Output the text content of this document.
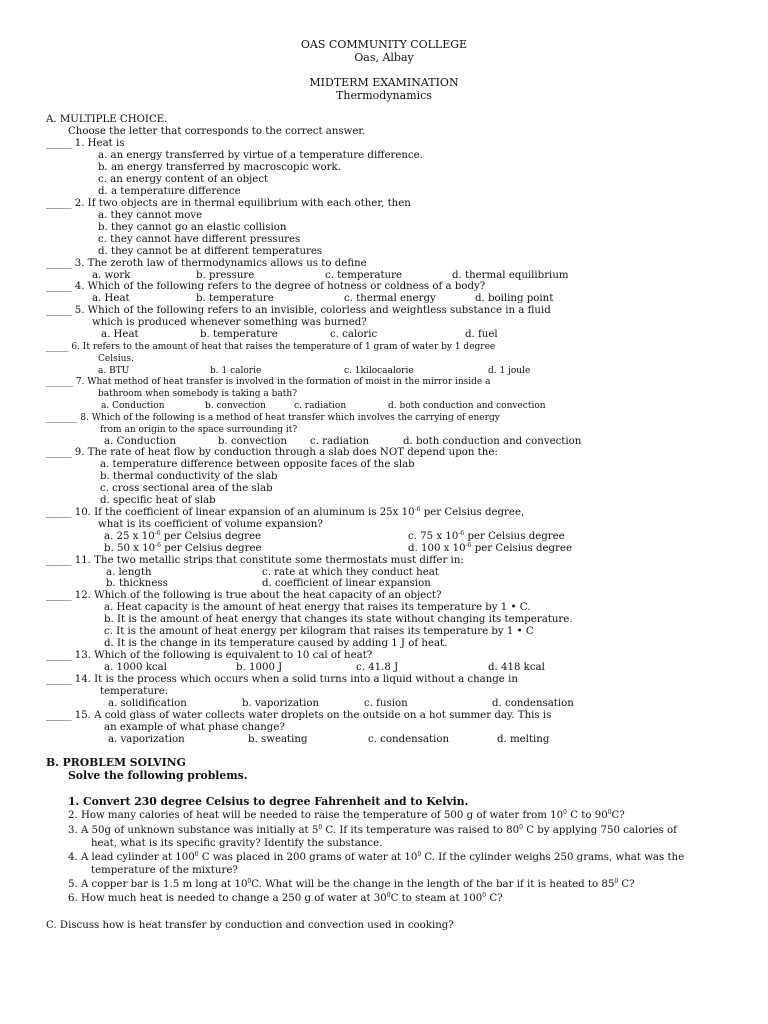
OAS COMMUNITY COLLEGE
Oas, Albay
MIDTERM EXAMINATION
Thermodynamics
A. MULTIPLE CHOICE.
Choose the letter that corresponds to the correct answer.
_____ 1. Heat is
a. an energy transferred by virtue of a temperature difference.
b. an energy transferred by macroscopic work.
c. an energy content of an object
d. a temperature difference
_____ 2. If two objects are in thermal equilibrium with each other, then
a. they cannot move
b. they cannot go an elastic collision
c. they cannot have different pressures
d. they cannot be at different temperatures
_____ 3. The zeroth law of thermodynamics allows us to define
a. work	b. pressure	c. temperature	d. thermal equilibrium
_____ 4. Which of the following refers to the degree of hotness or coldness of a body?
a. Heat	b. temperature	c. thermal energy	d. boiling point
_____ 5. Which of the following refers to an invisible, colorless and weightless substance in a fluid
which is produced whenever something was burned?
a. Heat	b. temperature	c. caloric	d. fuel
_____ 6. It refers to the amount of heat that raises the temperature of 1 gram of water by 1 degree
Celsius.
a. BTU	b. 1 calorie	c. 1kilocaalorie	d. 1 joule
______ 7. What method of heat transfer is involved in the formation of moist in the mirror inside a
bathroom when somebody is taking a bath?
a. Conduction	b. convection	c. radiation	d. both conduction and convection
_______ 8. Which of the following is a method of heat transfer which involves the carrying of energy
from an origin to the space surrounding it?
a. Conduction	b. convection c. radiation	d. both conduction and convection
_____ 9. The rate of heat flow by conduction through a slab does NOT depend upon the:
a. temperature difference between opposite faces of the slab
b. thermal conductivity of the slab
c. cross sectional area of the slab
d. specific heat of slab
_____ 10. If the coefficient of linear expansion of an aluminum is 25x $10^{-6}$ per Celsius degree,
what is its coefficient of volume expansion?
a. 25 x $10^{-6}$ per Celsius degree	c. 75 x $10^{-6}$ per Celsius degree
b. 50 x $10^{-6}$ per Celsius degree	d. 100 x $10^{-6}$ per Celsius degree
_____ 11. The two metallic strips that constitute some thermostats must differ in:
a. length	c. rate at which they conduct heat
b. thickness	d. coefficient of linear expansion
_____ 12. Which of the following is true about the heat capacity of an object?
a. Heat capacity is the amount of heat energy that raises its temperature by 1 • C.
b. It is the amount of heat energy that changes its state without changing its temperature.
c. It is the amount of heat energy per kilogram that raises its temperature by 1 • C
d. It is the change in its temperature caused by adding 1 J of heat.
_____ 13. Which of the following is equivalent to 10 cal of heat?
a. 1000 kcal	b. 1000 J	c. 41.8 J	d. 418 kcal
_____ 14. It is the process which occurs when a solid turns into a liquid without a change in
temperature.
a. solidification	b. vaporization	c. fusion	d. condensation
_____ 15. A cold glass of water collects water droplets on the outside on a hot summer day. This is
an example of what phase change?
a. vaporization	b. sweating	c. condensation	d. melting
B. PROBLEM SOLVING
Solve the following problems.
1. Convert 230 degree Celsius to degree Fahrenheit and to Kelvin.
2. How many calories of heat will be needed to raise the temperature of 500 g of water from $10^0$ C to $90^0C$?
3. A 50g of unknown substance was initially at $5^0$ C. If its temperature was raised to $80^0$ C by applying 750 calories of
heat, what is its specific gravity? Identify the substance.
4. A lead cylinder at $100^0$ C was placed in 200 grams of water at $10^0$ C. If the cylinder weighs 250 grams, what was the
temperature of the mixture?
5. A copper bar is 1.5 m long at $10^0C$. What will be the change in the length of the bar if it is heated to $85^0$ C?
6. How much heat is needed to change a 250 g of water at $30^0C$ to steam at $100^0$ C?
C. Discuss how is heat transfer by conduction and convection used in cooking?
